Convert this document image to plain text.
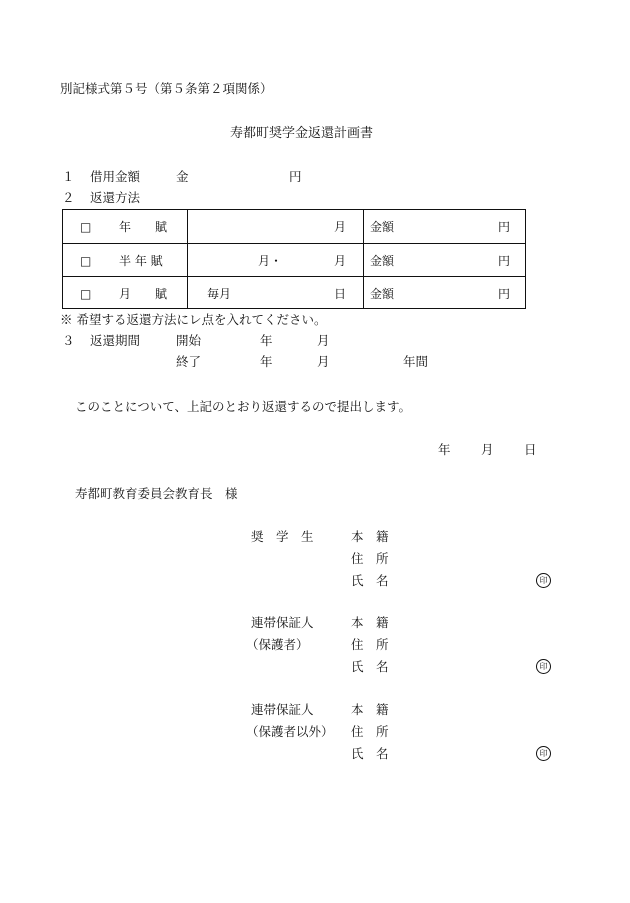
別記様式第５号（第５条第２項関係）
寿都町奨学金返還計画書
１ 借用金額	金	円
２ 返還方法
□ 年　　賦	月 金額	円
□ 半 年 賦	月・	月 金額	円
□ 月　　賦	毎月	日 金額	円
※ 希望する返還方法にレ点を入れてください。
３ 返還期間	開始	年	月
終了	年	月	年間
このことについて、上記のとおり返還するので提出します。
年 月 日
寿都町教育委員会教育長　様
奨　学　生	本　籍
住　所
氏　名	印
連帯保証人
（保護者）
本　籍
住　所
氏　名	印
連帯保証人
（保護者以外）
本　籍
住　所
氏　名	印
